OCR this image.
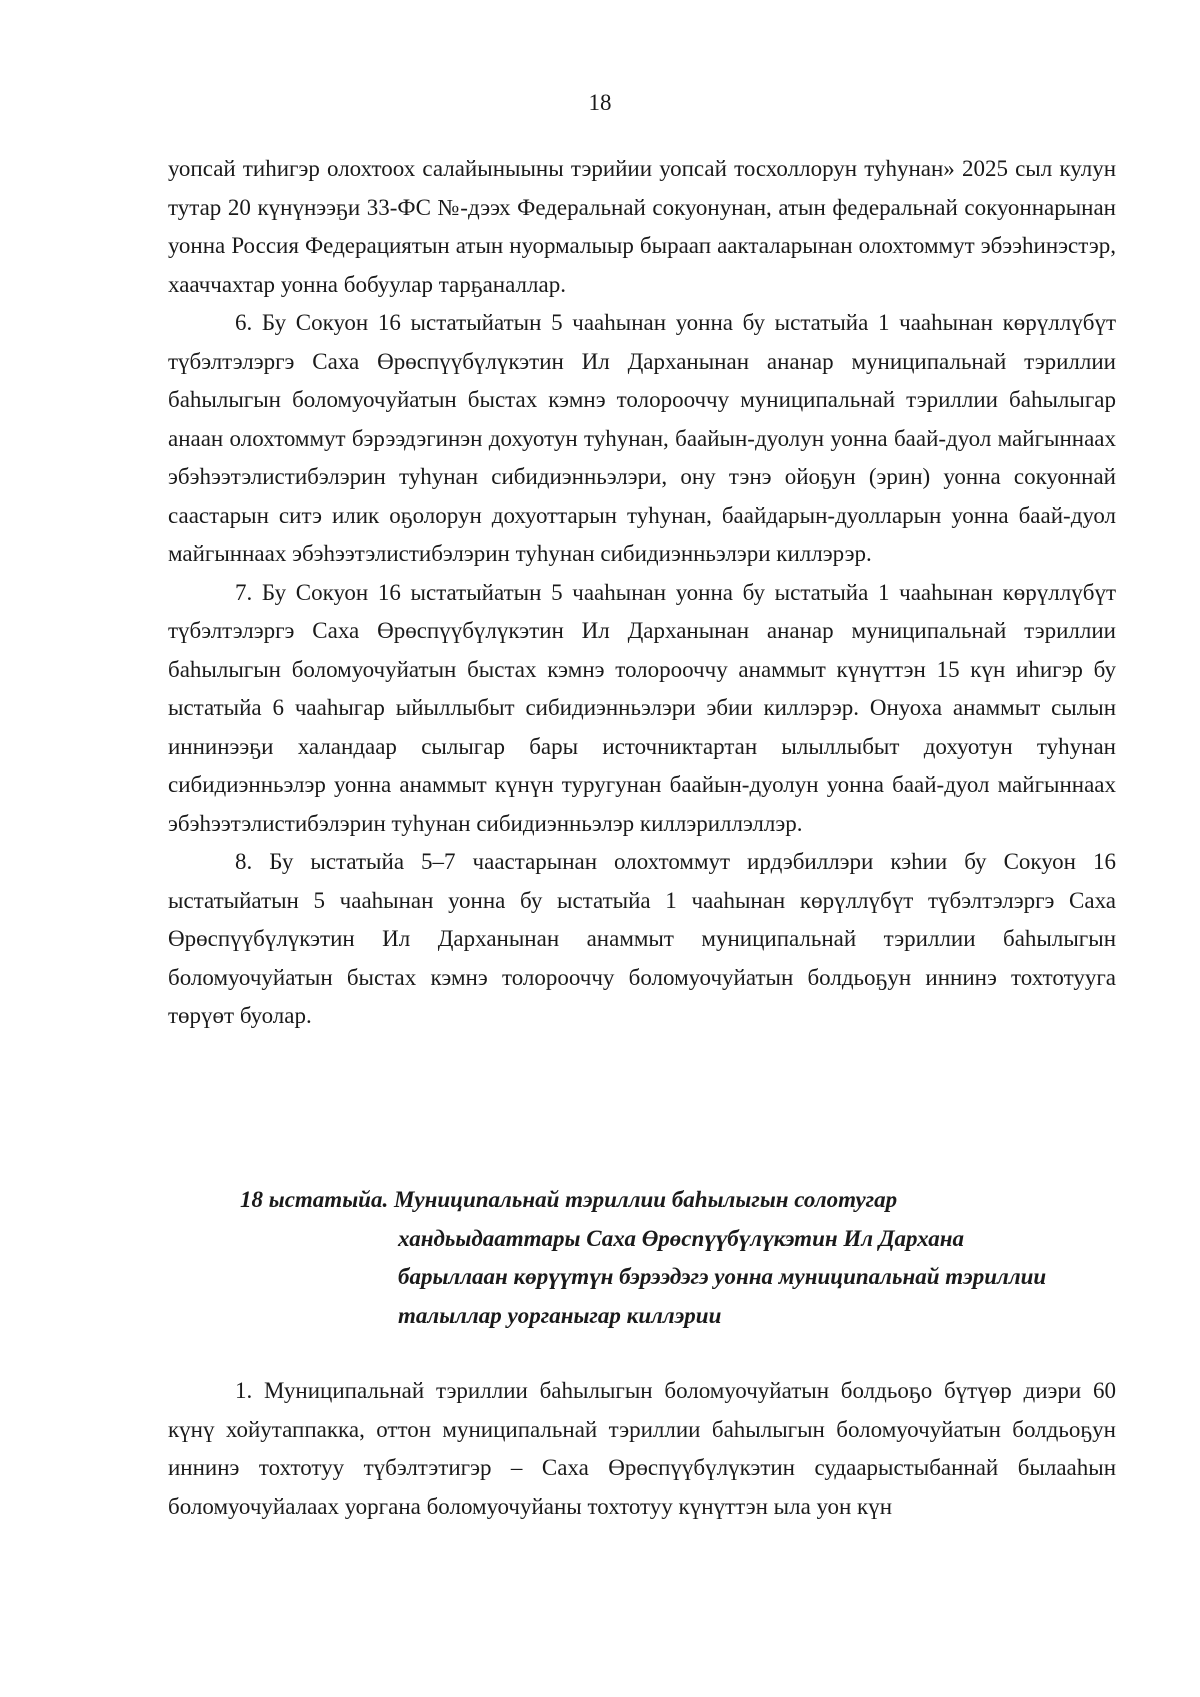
18

уопсай тиһигэр олохтоох салайыныыны тэрийии уопсай тосхоллорун туһунан» 2025 сыл кулун тутар 20 күнүнээҕи 33-ФС №-дээх Федеральнай сокуонунан, атын федеральнай сокуоннарынан уонна Россия Федерациятын атын нуормалыыр быраап аакталарынан олохтоммут эбээһинэстэр, хааччахтар уонна бобуулар тарҕаналлар.

6. Бу Сокуон 16 ыстатыйатын 5 чааһынан уонна бу ыстатыйа 1 чааһынан көрүллүбүт түбэлтэлэргэ Саха Өрөспүүбүлүкэтин Ил Дарханынан ананар муниципальнай тэриллии баһылыгын боломуочуйатын быстах кэмнэ толорооччу муниципальнай тэриллии баһылыгар анаан олохтоммут бэрээдэгинэн дохуотун туһунан, баайын-дуолун уонна баай-дуол майгыннаах эбэһээтэлистибэлэрин туһунан сибидиэнньэлэри, ону тэнэ ойоҕун (эрин) уонна сокуоннай саастарын ситэ илик оҕолорун дохуоттарын туһунан, баайдарын-дуолларын уонна баай-дуол майгыннаах эбэһээтэлистибэлэрин туһунан сибидиэнньэлэри киллэрэр.

7. Бу Сокуон 16 ыстатыйатын 5 чааһынан уонна бу ыстатыйа 1 чааһынан көрүллүбүт түбэлтэлэргэ Саха Өрөспүүбүлүкэтин Ил Дарханынан ананар муниципальнай тэриллии баһылыгын боломуочуйатын быстах кэмнэ толорооччу анаммыт күнүттэн 15 күн иһигэр бу ыстатыйа 6 чааһыгар ыйыллыбыт сибидиэнньэлэри эбии киллэрэр. Онуоха анаммыт сылын иннинээҕи халандаар сылыгар бары источниктартан ылыллыбыт дохуотун туһунан сибидиэнньэлэр уонна анаммыт күнүн туругунан баайын-дуолун уонна баай-дуол майгыннаах эбэһээтэлистибэлэрин туһунан сибидиэнньэлэр киллэриллэллэр.

8. Бу ыстатыйа 5–7 чаастарынан олохтоммут ирдэбиллэри кэһии бу Сокуон 16 ыстатыйатын 5 чааһынан уонна бу ыстатыйа 1 чааһынан көрүллүбүт түбэлтэлэргэ Саха Өрөспүүбүлүкэтин Ил Дарханынан анаммыт муниципальнай тэриллии баһылыгын боломуочуйатын быстах кэмнэ толорооччу боломуочуйатын болдьоҕун иннинэ тохтотууга төрүөт буолар.

18 ыстатыйа. Муниципальнай тэриллии баһылыгын солотугар
хандьыдааттары Саха Өрөспүүбүлүкэтин Ил Дархана
барыллаан көрүүтүн бэрээдэгэ уонна муниципальнай тэриллии
талыллар уорганыгар киллэрии

1. Муниципальнай тэриллии баһылыгын боломуочуйатын болдьоҕо бүтүөр диэри 60 күнү хойутаппакка, оттон муниципальнай тэриллии баһылыгын боломуочуйатын болдьоҕун иннинэ тохтотуу түбэлтэтигэр – Саха Өрөспүүбүлүкэтин судаарыстыбаннай былааһын боломуочуйалаах уоргана боломуочуйаны тохтотуу күнүттэн ыла уон күн
